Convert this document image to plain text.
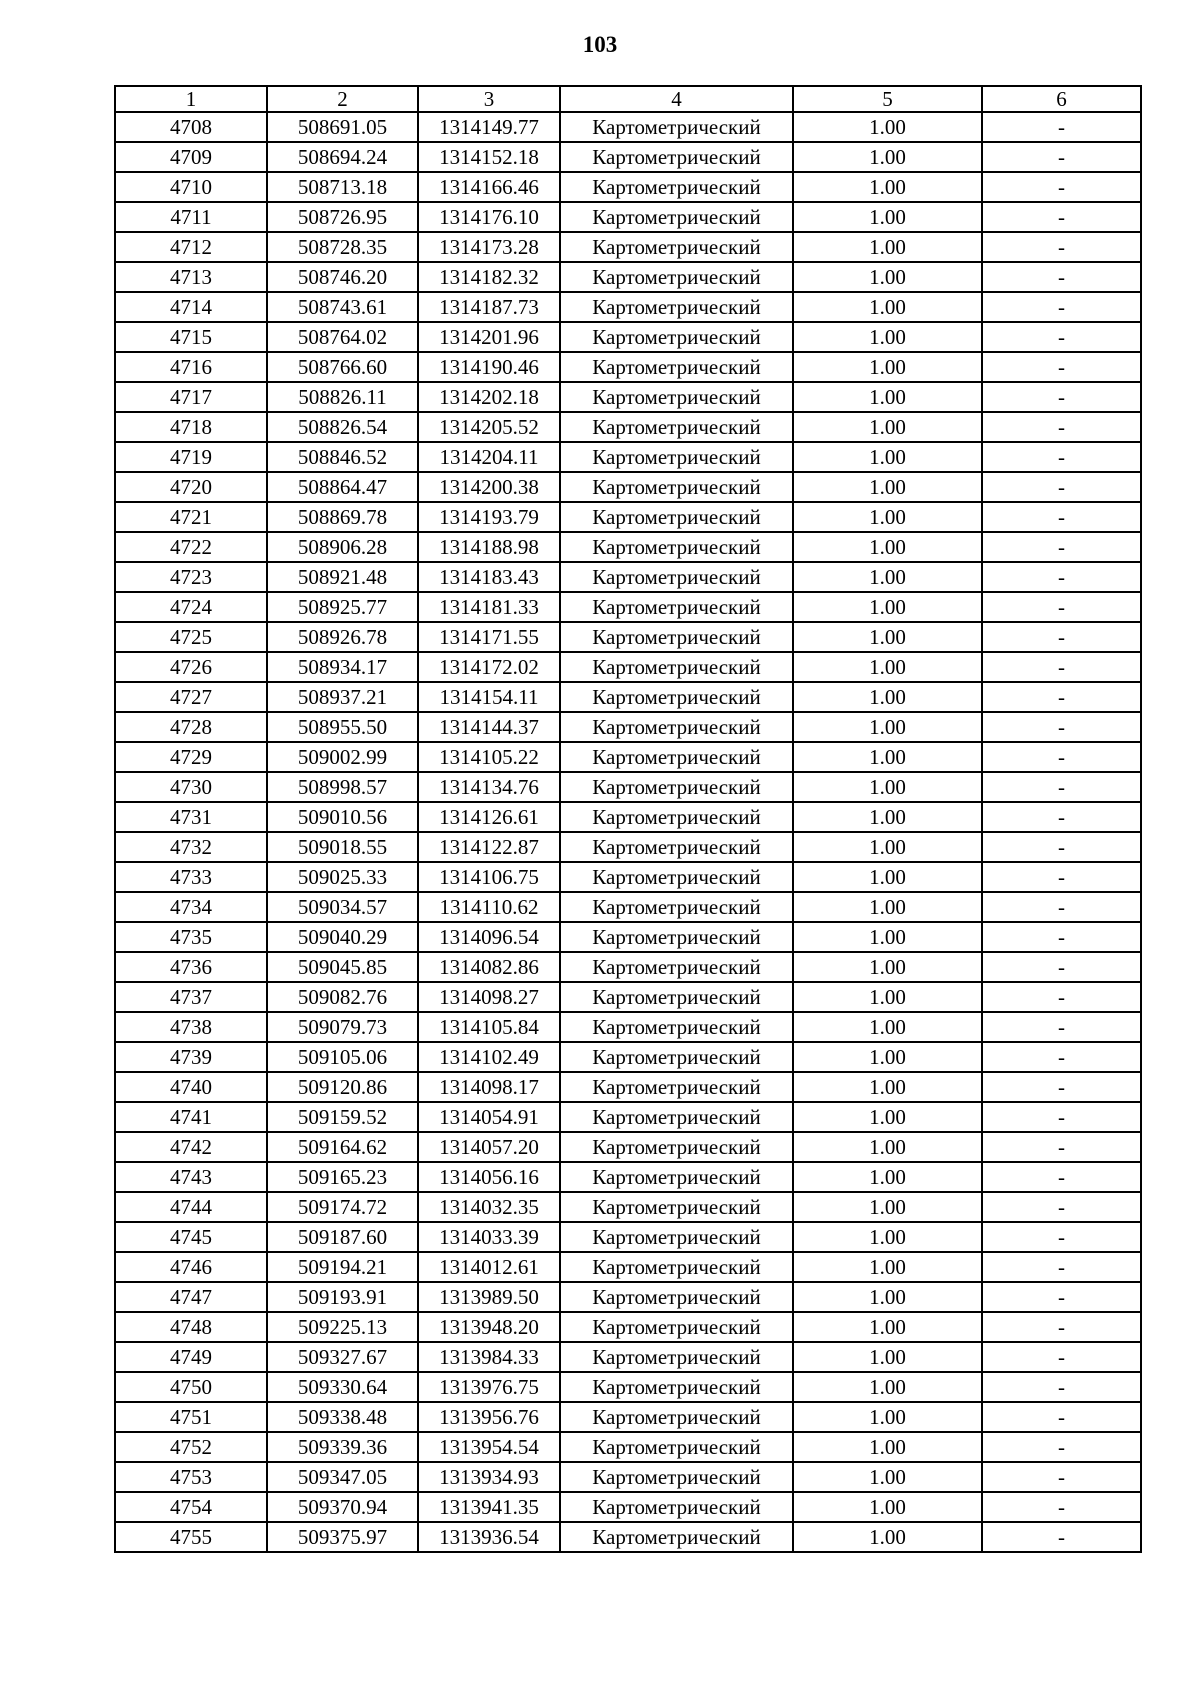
103
1	2	3	4	5	6
4708	508691.05	1314149.77	Картометрический	1.00	-
4709	508694.24	1314152.18	Картометрический	1.00	-
4710	508713.18	1314166.46	Картометрический	1.00	-
4711	508726.95	1314176.10	Картометрический	1.00	-
4712	508728.35	1314173.28	Картометрический	1.00	-
4713	508746.20	1314182.32	Картометрический	1.00	-
4714	508743.61	1314187.73	Картометрический	1.00	-
4715	508764.02	1314201.96	Картометрический	1.00	-
4716	508766.60	1314190.46	Картометрический	1.00	-
4717	508826.11	1314202.18	Картометрический	1.00	-
4718	508826.54	1314205.52	Картометрический	1.00	-
4719	508846.52	1314204.11	Картометрический	1.00	-
4720	508864.47	1314200.38	Картометрический	1.00	-
4721	508869.78	1314193.79	Картометрический	1.00	-
4722	508906.28	1314188.98	Картометрический	1.00	-
4723	508921.48	1314183.43	Картометрический	1.00	-
4724	508925.77	1314181.33	Картометрический	1.00	-
4725	508926.78	1314171.55	Картометрический	1.00	-
4726	508934.17	1314172.02	Картометрический	1.00	-
4727	508937.21	1314154.11	Картометрический	1.00	-
4728	508955.50	1314144.37	Картометрический	1.00	-
4729	509002.99	1314105.22	Картометрический	1.00	-
4730	508998.57	1314134.76	Картометрический	1.00	-
4731	509010.56	1314126.61	Картометрический	1.00	-
4732	509018.55	1314122.87	Картометрический	1.00	-
4733	509025.33	1314106.75	Картометрический	1.00	-
4734	509034.57	1314110.62	Картометрический	1.00	-
4735	509040.29	1314096.54	Картометрический	1.00	-
4736	509045.85	1314082.86	Картометрический	1.00	-
4737	509082.76	1314098.27	Картометрический	1.00	-
4738	509079.73	1314105.84	Картометрический	1.00	-
4739	509105.06	1314102.49	Картометрический	1.00	-
4740	509120.86	1314098.17	Картометрический	1.00	-
4741	509159.52	1314054.91	Картометрический	1.00	-
4742	509164.62	1314057.20	Картометрический	1.00	-
4743	509165.23	1314056.16	Картометрический	1.00	-
4744	509174.72	1314032.35	Картометрический	1.00	-
4745	509187.60	1314033.39	Картометрический	1.00	-
4746	509194.21	1314012.61	Картометрический	1.00	-
4747	509193.91	1313989.50	Картометрический	1.00	-
4748	509225.13	1313948.20	Картометрический	1.00	-
4749	509327.67	1313984.33	Картометрический	1.00	-
4750	509330.64	1313976.75	Картометрический	1.00	-
4751	509338.48	1313956.76	Картометрический	1.00	-
4752	509339.36	1313954.54	Картометрический	1.00	-
4753	509347.05	1313934.93	Картометрический	1.00	-
4754	509370.94	1313941.35	Картометрический	1.00	-
4755	509375.97	1313936.54	Картометрический	1.00	-
